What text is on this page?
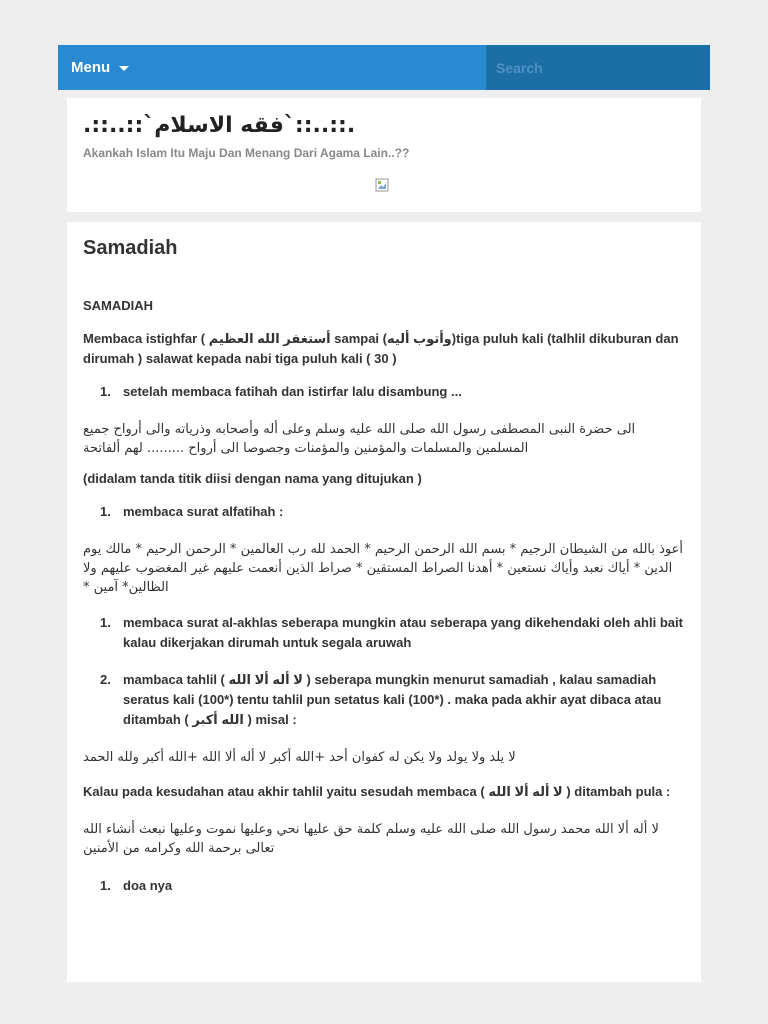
Menu
Search
.::..::`فقه الاسلام`::..::.
Akankah Islam Itu Maju Dan Menang Dari Agama Lain..??
Samadiah

SAMADIAH

Membaca istighfar ( أستغفر الله العظيم sampai (وأتوب أليه)tiga puluh kali (talhlil dikuburan dan dirumah ) salawat kepada nabi tiga puluh kali ( 30 )

1. setelah membaca fatihah dan istirfar lalu disambung ...

الى حضرة النبى المصطفى رسول الله صلى الله عليه وسلم وعلى أله وأصحابه وذرياته والى أرواح جميع المسلمين والمسلمات والمؤمنين والمؤمنات وجصوصا الى أرواح ......... لهم ألفاتحة

(didalam tanda titik diisi dengan nama yang ditujukan )

1. membaca surat alfatihah :

أعوذ بالله من الشيطان الرجيم * بسم الله الرحمن الرحيم * الحمد لله رب العالمين * الرحمن الرحيم * مالك يوم الدين * أياك نعبد وأياك نستعين * أهدنا الصراط المستقين * صراط الذين أنعمت عليهم غير المغضوب عليهم ولا الظالين* آمين *

1. membaca surat al-akhlas seberapa mungkin atau seberapa yang dikehendaki oleh ahli bait kalau dikerjakan dirumah untuk segala aruwah
2. mambaca tahlil ( لا أله ألا الله ) seberapa mungkin menurut samadiah , kalau samadiah seratus kali (100*) tentu tahlil pun setatus kali (100*) . maka pada akhir ayat dibaca atau ditambah ( الله أكبر ) misal :

لا يلد ولا يولد ولا يكن له كفوان أحد +الله أكبر لا أله ألا الله +الله أكبر ولله الحمد

Kalau pada kesudahan atau akhir tahlil yaitu sesudah membaca ( لا أله ألا الله ) ditambah pula :

لا أله ألا الله محمد رسول الله صلى الله عليه وسلم كلمة حق عليها نحي وعليها نموت وعليها نبعث أنشاء الله تعالى برحمة الله وكرامه من الأمنين

1. doa nya
